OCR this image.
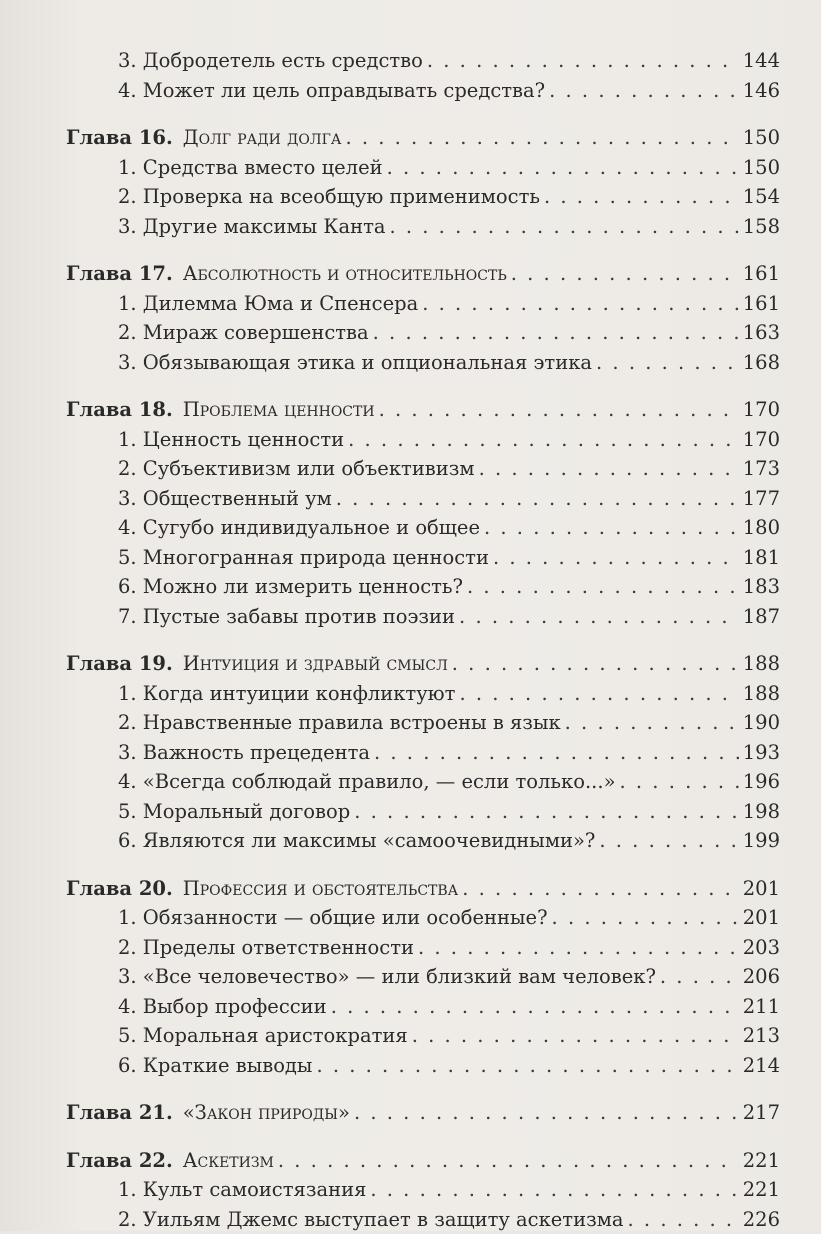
3. Добродетель есть средство . . .	144
4. Может ли цель оправдывать средства? . . .	146
Глава 16. Долг ради долга . . .	150
1. Средства вместо целей . . .	150
2. Проверка на всеобщую применимость . . .	154
3. Другие максимы Канта . . .	158
Глава 17. Абсолютность и относительность . . .	161
1. Дилемма Юма и Спенсера . . .	161
2. Мираж совершенства . . .	163
3. Обязывающая этика и опциональная этика . . .	168
Глава 18. Проблема ценности . . .	170
1. Ценность ценности . . .	170
2. Субъективизм или объективизм . . .	173
3. Общественный ум . . .	177
4. Сугубо индивидуальное и общее . . .	180
5. Многогранная природа ценности . . .	181
6. Можно ли измерить ценность? . . .	183
7. Пустые забавы против поэзии . . .	187
Глава 19. Интуиция и здравый смысл . . .	188
1. Когда интуиции конфликтуют . . .	188
2. Нравственные правила встроены в язык . . .	190
3. Важность прецедента . . .	193
4. «Всегда соблюдай правило, — если только...» . . .	196
5. Моральный договор . . .	198
6. Являются ли максимы «самоочевидными»? . . .	199
Глава 20. Профессия и обстоятельства . . .	201
1. Обязанности — общие или особенные? . . .	201
2. Пределы ответственности . . .	203
3. «Все человечество» — или близкий вам человек? . . .	206
4. Выбор профессии . . .	211
5. Моральная аристократия . . .	213
6. Краткие выводы . . .	214
Глава 21. «Закон природы» . . .	217
Глава 22. Аскетизм . . .	221
1. Культ самоистязания . . .	221
2. Уильям Джемс выступает в защиту аскетизма . . .	226
